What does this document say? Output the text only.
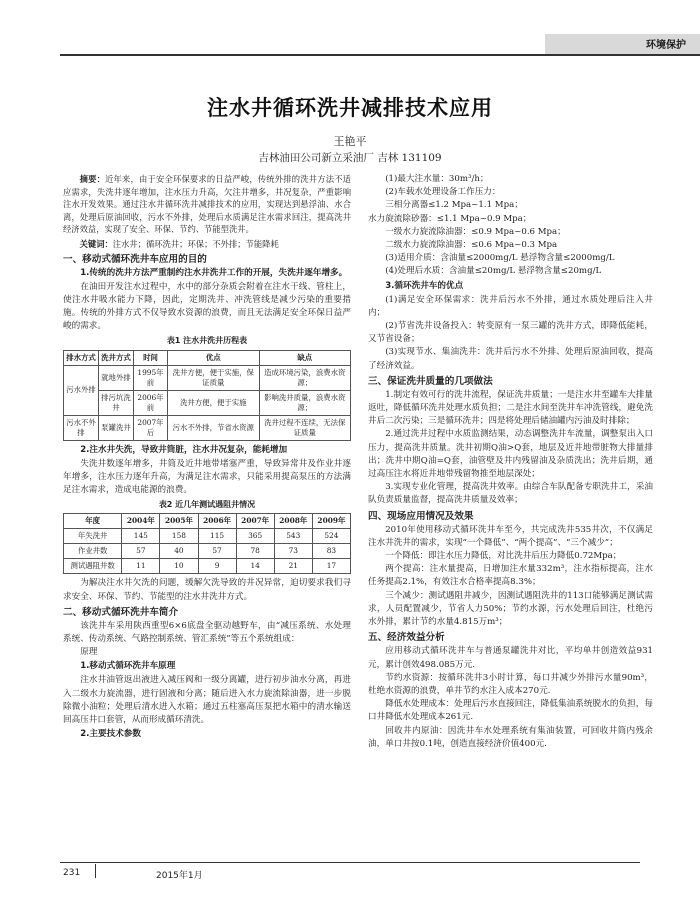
环境保护
注水井循环洗井减排技术应用
王艳平
吉林油田公司新立采油厂 吉林 131109

摘要：近年来，由于安全环保要求的日益严峻，传统外排的洗井方法不适应需求，失洗井逐年增加，注水压力升高，欠注井增多，井况复杂，严重影响注水开发效果。通过注水井循环洗井减排技术的应用，实现达到悬浮油、水合离，处理后原油回收，污水不外排，处理后水质满足注水需求回注，提高洗井经济效益，实现了安全、环保、节约、节能型洗井。

关键词：注水井；循环洗井；环保；不外排；节能降耗

一、移动式循环洗井车应用的目的
1.传统的洗井方法严重制约注水井洗井工作的开展，失洗井逐年增多。

在油田开发注水过程中，水中的部分杂质会附着在注水干线、管柱上，使注水井吸水能力下降，因此，定期洗井、冲洗管线是减少污染的重要措施。传统的外排方式不仅导致水资源的浪费，而且无法满足安全环保日益严峻的需求。

表1 注水井洗井历程表
排水方式	洗井方式	时间	优点	缺点
污水外排	就地外排	1995年前	洗井方便，便于实施，保证质量	造成环境污染，浪费水资源；
	排污坑洗井	2006年前	洗井方便，便于实施	影响洗井质量，浪费水资源；
污水不外排	泵罐洗井	2007年后	污水不外排，节省水资源	洗井过程不连续，无法保证质量
2.注水井失洗，导致井筒脏，注水井况复杂，能耗增加

失洗井数逐年增多，井筒及近井地带堵塞严重，导致异常井及作业井逐年增多，注水压力逐年升高，为满足注水需求，只能采用提高泵压的方法满足注水需求，造成电能源的浪费。

表2 近几年测试遇阻井情况
年度	2004年	2005年	2006年	2007年	2008年	2009年
年失洗井	145	158	115	365	543	524
作业井数	57	40	57	78	73	83
测试遇阻井数	11	10	9	14	21	17

为解决注水井欠洗的问题，缓解欠洗导致的井况异常，迫切要求我们寻求安全、环保、节约、节能型的注水井洗井方式。

二、移动式循环洗井车简介

该洗井车采用陕西重型6×6底盘全驱动越野车，由“减压系统、水处理系统、传动系统、气路控制系统、管汇系统”等五个系统组成：

原理

1.移动式循环洗井车原理

注水井油管返出液进入减压阀和一级分离罐，进行初步油水分离，再进入二级水力旋流器，进行固液和分离；随后进入水力旋流除油器，进一步脱除微小油粒；处理后清水进入水箱；通过五柱塞高压泵把水箱中的清水输送回高压井口套管，从而形成循环清洗。

2.主要技术参数

(1)最大注水量：30m³/h；

(2)车载水处理设备工作压力：

三相分离器≤1.2 Mpa~1.1 Mpa；

水力旋流除砂器：≤1.1 Mpa~0.9 Mpa；

一级水力旋流除油器：≤0.9 Mpa~0.6 Mpa；

二级水力旋流除油器：≤0.6 Mpa~0.3 Mpa

(3)适用介质：含油量≤2000mg/L 悬浮物含量≤2000mg/L

(4)处理后水质：含油量≤20mg/L 悬浮物含量≤20mg/L

3.循环洗井车的优点

(1)满足安全环保需求：洗井后污水不外排，通过水质处理后注入井内；

(2)节省洗井设备投入：转变原有一泵三罐的洗井方式，即降低能耗，又节省设备；

(3)实现节水、集油洗井：洗井后污水不外排、处理后原油回收，提高了经济效益。

三、保证洗井质量的几项做法

1.制定有效可行的洗井流程，保证洗井质量；一是注水井至罐车大排量返吐，降低循环洗井处理水质负担；二是注水间至洗井车冲洗管线，避免洗井后二次污染；三是循环洗井；四是将处理后储油罐内污油及时排除；

2.通过洗井过程中水质监测结果，动态调整洗井车流量，调整泵出入口压力，提高洗井质量。洗井初期Q油>Q套，地层及近井地带脏物大排量排出；洗井中期Q油=Q套，油管壁及井内残留油及杂质洗出；洗井后期，通过高压注水将近井地带残留物推至地层深处；

3.实现专业化管理，提高洗井效率。由综合车队配备专职洗井工，采油队负责质量监督，提高洗井质量及效率；

四、现场应用情况及效果

2010年使用移动式循环洗井车至今，共完成洗井535井次，不仅满足注水井洗井的需求，实现“一个降低”、“两个提高”、“三个减少”；

一个降低：即注水压力降低，对比洗井后压力降低0.72Mpa；

两个提高：注水量提高，日增加注水量332m³，注水指标提高，注水任务提高2.1%，有效注水合格率提高8.3%；

三个减少：测试遇阻井减少，因测试遇阻洗井的113口能够满足测试需求，人员配置减少，节省人力50%；节约水源，污水处理后回注，杜绝污水外排，累计节约水量4.815万m³；

五、经济效益分析

应用移动式循环洗井车与普通泵罐洗井对比，平均单井创造效益931元，累计创效498.085万元.

节约水资源：按循环洗井3小时计算，每口井减少外排污水量90m³，杜绝水资源的浪费，单井节约水注入成本270元.

降低水处理成本：处理后污水直接回注，降低集油系统脱水的负担，每口井降低水处理成本261元.

回收井内原油：因洗井车水处理系统有集油装置，可回收井筒内残余油，单口井按0.1吨，创造直接经济价值400元.

231	2015年1月
